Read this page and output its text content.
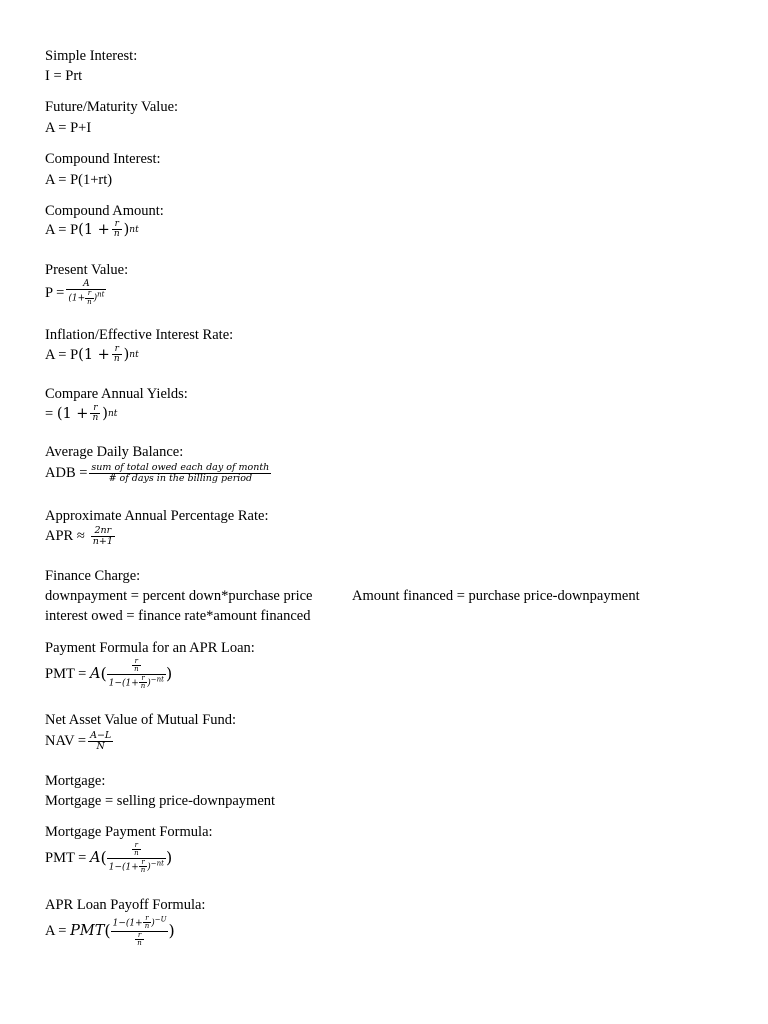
Simple Interest:
I = Prt
Future/Maturity Value:
A = P+I
Compound Interest:
A = P(1+rt)
Compound Amount:
A = P ($1 + \frac{r}{n}$ ) nt
Present Value:
$P = \frac{A}{(1+ \frac{r}{n} )^{nt}}$
Inflation/Effective Interest Rate:
A = P ($1 + \frac{r}{n}$ ) nt
Compare Annual Yields:
= ($1 + \frac{r}{n}$ ) nt
Average Daily Balance:
ADB = $\frac{\text{sum of total owed each day of month}}{\text{\# of days in the billing period}}$
Approximate Annual Percentage Rate:
APR ≈ $\frac{2nr}{n+1}$
Finance Charge:
downpayment = percent down*purchase price	Amount financed = purchase price-downpayment
interest owed = finance rate*amount financed
Payment Formula for an APR Loan:
PMT = A ( $\frac{\frac{r}{n}}{1-(1+ \frac{r}{n} )^{-nt}}$ )
Net Asset Value of Mutual Fund:
NAV = $\frac{A-L}{N}$
Mortgage:
Mortgage = selling price-downpayment
Mortgage Payment Formula:
PMT = A ( $\frac{\frac{r}{n}}{1-(1+ \frac{r}{n} )^{-nt}}$ )
APR Loan Payoff Formula:
A = PMT ( $\frac{1-(1+ \frac{r}{n} )^{-U}}{\frac{r}{n}}$ )
